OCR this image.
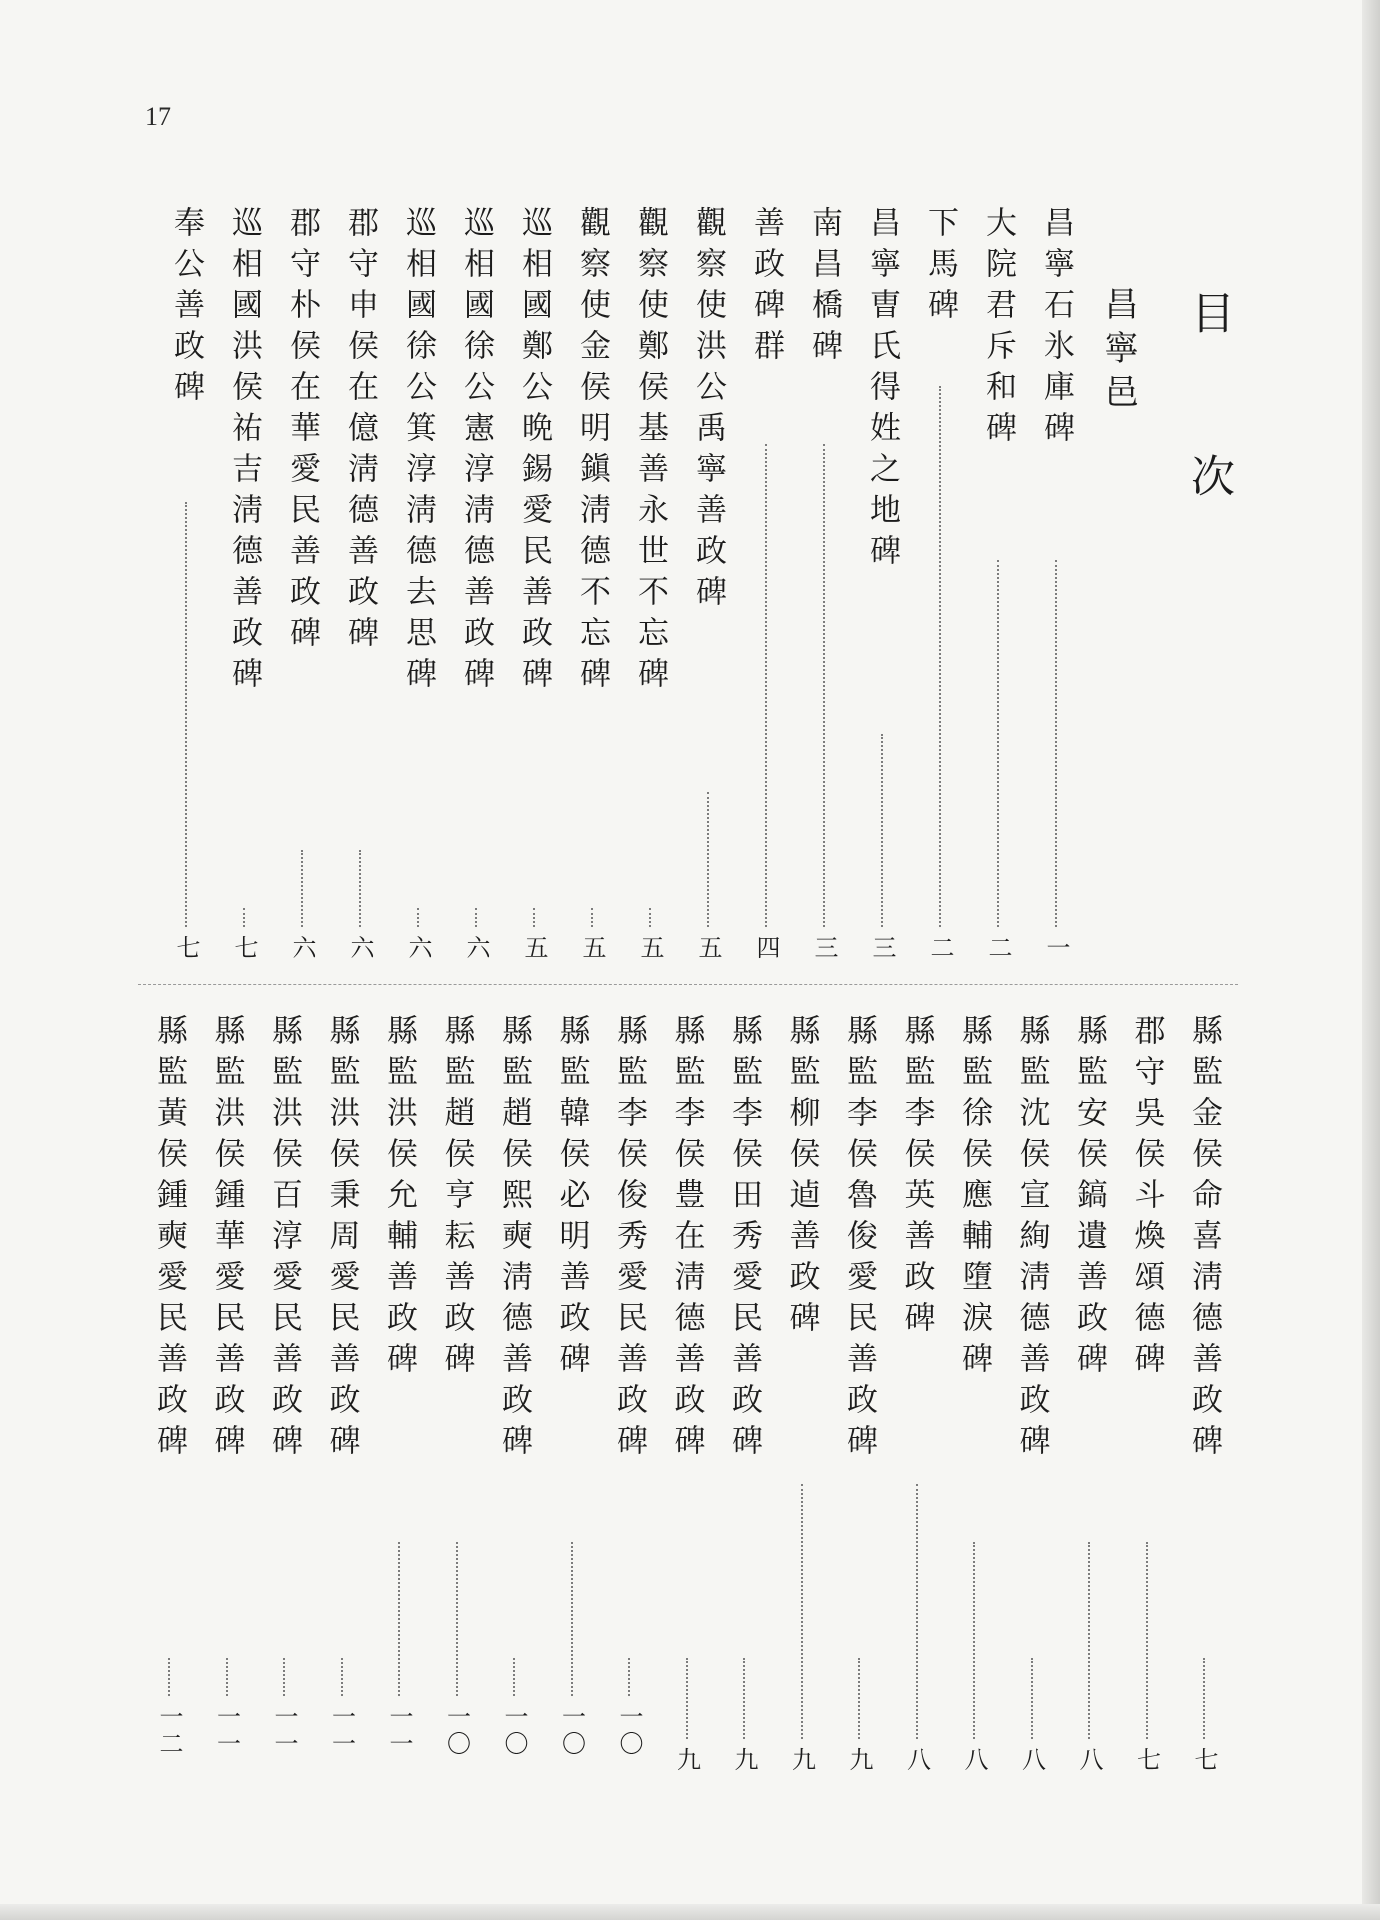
17
目 次
昌寧邑
昌寧石氷庫碑
一
大院君斥和碑
二
下馬碑
二
昌寧曺氏得姓之地碑
三
南昌橋碑
三
善政碑群
四
觀察使洪公禹寧善政碑
五
觀察使鄭侯基善永世不忘碑
五
觀察使金侯明鎭淸德不忘碑
五
巡相國鄭公晩錫愛民善政碑
五
巡相國徐公憲淳淸德善政碑
六
巡相國徐公箕淳淸德去思碑
六
郡守申侯在億淸德善政碑
六
郡守朴侯在華愛民善政碑
六
巡相國洪侯祐吉淸德善政碑
七
奉公善政碑
七
縣監金侯命喜淸德善政碑
七
郡守吳侯斗煥頌德碑
七
縣監安侯鎬遺善政碑
八
縣監沈侯宣絢淸德善政碑
八
縣監徐侯應輔墮淚碑
八
縣監李侯英善政碑
八
縣監李侯魯俊愛民善政碑
九
縣監柳侯逌善政碑
九
縣監李侯田秀愛民善政碑
九
縣監李侯豊在淸德善政碑
九
縣監李侯俊秀愛民善政碑
一〇
縣監韓侯必明善政碑
一〇
縣監趙侯熙奭淸德善政碑
一〇
縣監趙侯亨耘善政碑
一〇
縣監洪侯允輔善政碑
一一
縣監洪侯秉周愛民善政碑
一一
縣監洪侯百淳愛民善政碑
一一
縣監洪侯鍾華愛民善政碑
一一
縣監黃侯鍾奭愛民善政碑
一二
